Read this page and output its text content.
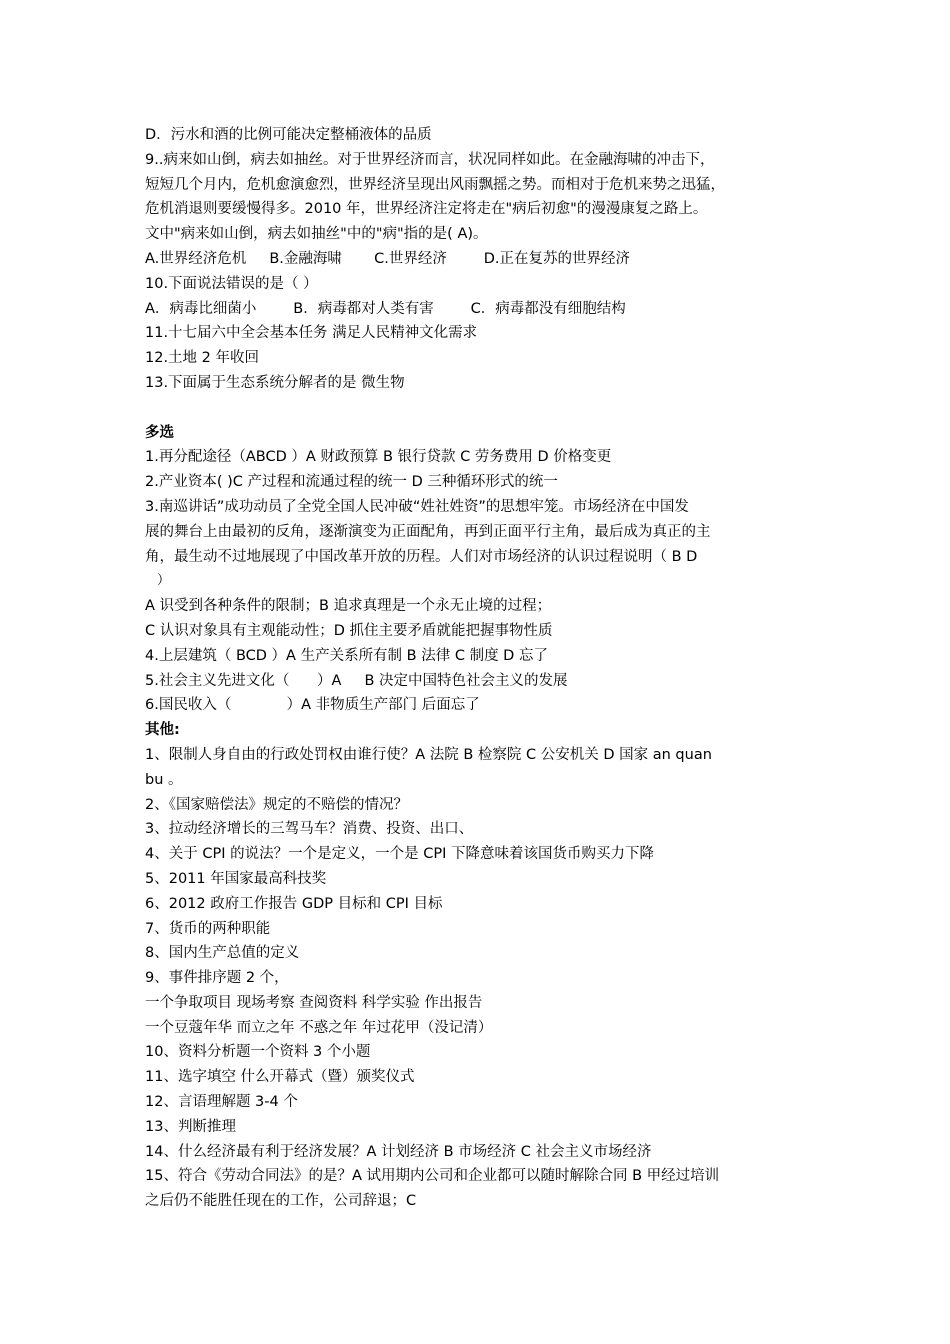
D．污水和酒的比例可能决定整桶液体的品质
9..病来如山倒，病去如抽丝。对于世界经济而言，状况同样如此。在金融海啸的冲击下，
短短几个月内，危机愈演愈烈，世界经济呈现出风雨飘摇之势。而相对于危机来势之迅猛，
危机消退则要缓慢得多。2010 年，世界经济注定将走在"病后初愈"的漫漫康复之路上。
文中"病来如山倒，病去如抽丝"中的"病"指的是( A)。
A.世界经济危机     B.金融海啸       C.世界经济        D.正在复苏的世界经济
10.下面说法错误的是（ ）
A．病毒比细菌小        B．病毒都对人类有害        C．病毒都没有细胞结构
11.十七届六中全会基本任务 满足人民精神文化需求
12.土地 2 年收回
13.下面属于生态系统分解者的是 微生物
多选
1.再分配途径（ABCD ）A 财政预算 B 银行贷款 C 劳务费用 D 价格变更
2.产业资本( )C 产过程和流通过程的统一 D 三种循环形式的统一
3.南巡讲话”成功动员了全党全国人民冲破“姓社姓资”的思想牢笼。市场经济在中国发
展的舞台上由最初的反角，逐渐演变为正面配角，再到正面平行主角，最后成为真正的主
角，最生动不过地展现了中国改革开放的历程。人们对市场经济的认识过程说明（ B D
）
A 识受到各种条件的限制；B 追求真理是一个永无止境的过程；
C 认识对象具有主观能动性；D 抓住主要矛盾就能把握事物性质
4.上层建筑（ BCD ）A 生产关系所有制 B 法律 C 制度 D 忘了
5.社会主义先进文化（      ）A     B 决定中国特色社会主义的发展
6.国民收入（            ）A 非物质生产部门 后面忘了
其他:
1、限制人身自由的行政处罚权由谁行使？A 法院 B 检察院 C 公安机关 D 国家 an quan
bu 。
2、《国家赔偿法》规定的不赔偿的情况？
3、拉动经济增长的三驾马车？消费、投资、出口、
4、关于 CPI 的说法？一个是定义，一个是 CPI 下降意味着该国货币购买力下降
5、2011 年国家最高科技奖
6、2012 政府工作报告 GDP 目标和 CPI 目标
7、货币的两种职能
8、国内生产总值的定义
9、事件排序题 2 个，
一个争取项目 现场考察 查阅资料 科学实验 作出报告
一个豆蔻年华 而立之年 不惑之年 年过花甲（没记清）
10、资料分析题一个资料 3 个小题
11、选字填空 什么开幕式（暨）颁奖仪式
12、言语理解题 3-4 个
13、判断推理
14、什么经济最有利于经济发展？A 计划经济 B 市场经济 C 社会主义市场经济
15、符合《劳动合同法》的是？A 试用期内公司和企业都可以随时解除合同 B 甲经过培训
之后仍不能胜任现在的工作，公司辞退；C
